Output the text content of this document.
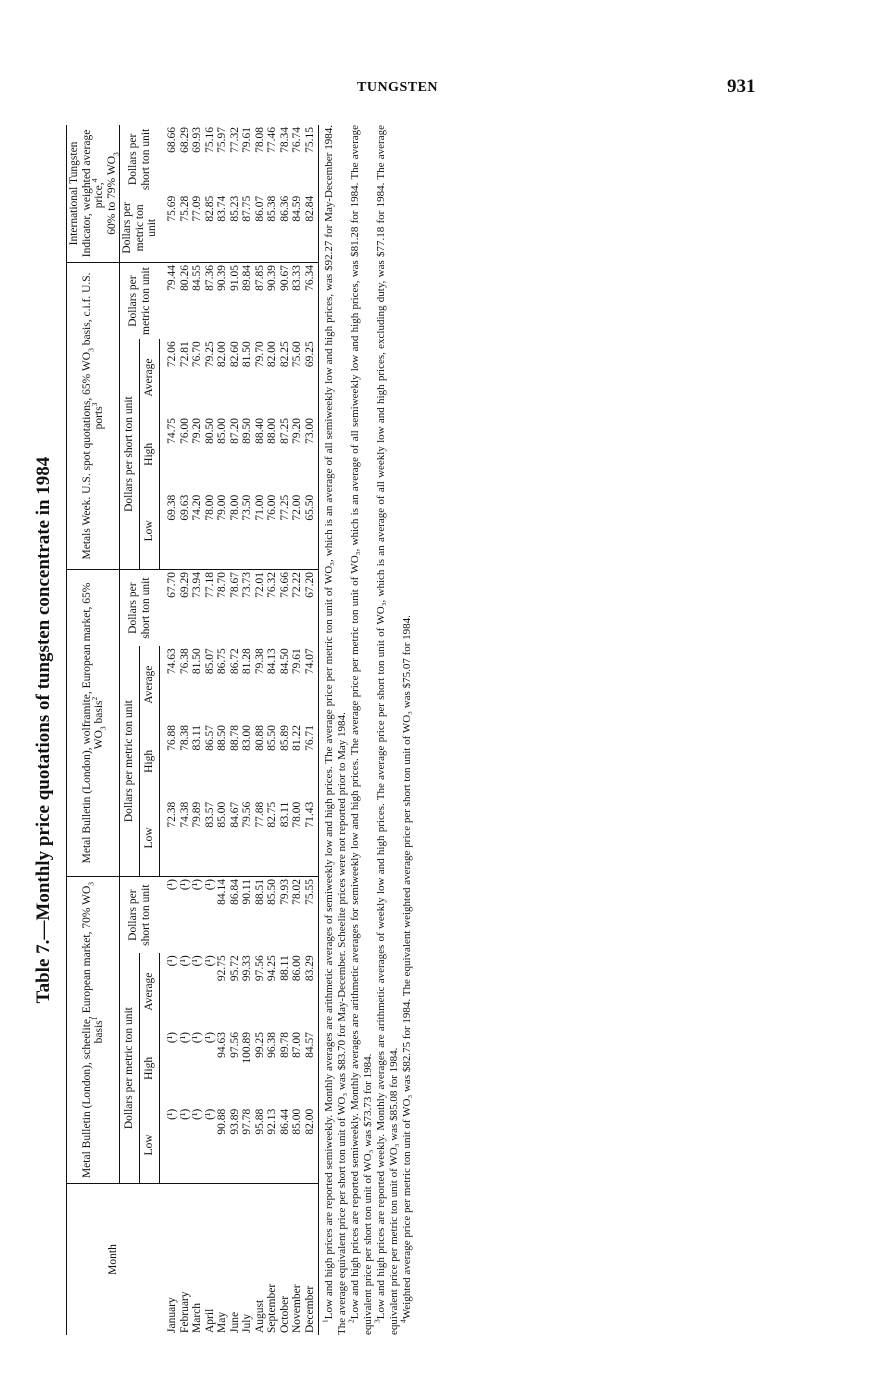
TUNGSTEN	931
Table 7.—Monthly price quotations of tungsten concentrate in 1984
Month	Metal Bulletin (London), scheelite, European market, 70% $WO_3$ basis$^1$				Metal Bulletin (London), wolframite, European market, 65% $WO_3$ basis$^2$				Metals Week. U.S. spot quotations, 65% $WO_3$ basis, c.i.f. U.S. ports$^3$				International Tungsten Indicator, weighted average price,$^4$ 60% to 79% $WO_3$
	Dollars per metric ton unit			Dollars per short ton unit	Dollars per metric ton unit			Dollars per short ton unit	Dollars per short ton unit			Dollars per metric ton unit	Dollars per metric ton unit	Dollars per short ton unit
	Low	High	Average		Low	High	Average		Low	High	Average			
January	(¹)	(¹)	(¹)	(¹)	72.38	76.88	74.63	67.70	69.38	74.75	72.06	79.44	75.69	68.66
February	(¹)	(¹)	(¹)	(¹)	74.38	78.38	76.38	69.29	69.63	76.00	72.81	80.26	75.28	68.29
March	(¹)	(¹)	(¹)	(¹)	79.89	83.11	81.50	73.94	74.20	79.20	76.70	84.55	77.09	69.93
April	(¹)	(¹)	(¹)	(¹)	83.57	86.57	85.07	77.18	78.00	80.50	79.25	87.36	82.85	75.16
May	90.88	94.63	92.75	84.14	85.00	88.50	86.75	78.70	79.00	85.00	82.00	90.39	83.74	75.97
June	93.89	97.56	95.72	86.84	84.67	88.78	86.72	78.67	78.00	87.20	82.60	91.05	85.23	77.32
July	97.78	100.89	99.33	90.11	79.56	83.00	81.28	73.73	73.50	89.50	81.50	89.84	87.75	79.61
August	95.88	99.25	97.56	88.51	77.88	80.88	79.38	72.01	71.00	88.40	79.70	87.85	86.07	78.08
September	92.13	96.38	94.25	85.50	82.75	85.50	84.13	76.32	76.00	88.00	82.00	90.39	85.38	77.46
October	86.44	89.78	88.11	79.93	83.11	85.89	84.50	76.66	77.25	87.25	82.25	90.67	86.36	78.34
November	85.00	87.00	86.00	78.02	78.00	81.22	79.61	72.22	72.00	79.20	75.60	83.33	84.59	76.74
December	82.00	84.57	83.29	75.55	71.43	76.71	74.07	67.20	65.50	73.00	69.25	76.34	82.84	75.15

$^1$Low and high prices are reported semiweekly. Monthly averages are arithmetic averages of semiweekly low and high prices. The average price per metric ton unit of WO₃, which is an average of all semiweekly low and high prices, was $92.27 for May-December 1984. The average equivalent price per short ton unit of WO₃ was $83.70 for May-December. Scheelite prices were not reported prior to May 1984.

$^2$Low and high prices are reported semiweekly. Monthly averages are arithmetic averages for semiweekly low and high prices. The average price per metric ton unit of WO₃, which is an average of all semiweekly low and high prices, was $81.28 for 1984. The average equivalent price per short ton unit of WO₃ was $73.73 for 1984.

$^3$Low and high prices are reported weekly. Monthly averages are arithmetic averages of weekly low and high prices. The average price per short ton unit of WO₃, which is an average of all weekly low and high prices, excluding duty, was $77.18 for 1984. The average equivalent price per metric ton unit of WO₃ was $85.08 for 1984.

$^4$Weighted average price per metric ton unit of WO₃ was $82.75 for 1984. The equivalent weighted average price per short ton unit of WO₃ was $75.07 for 1984.
